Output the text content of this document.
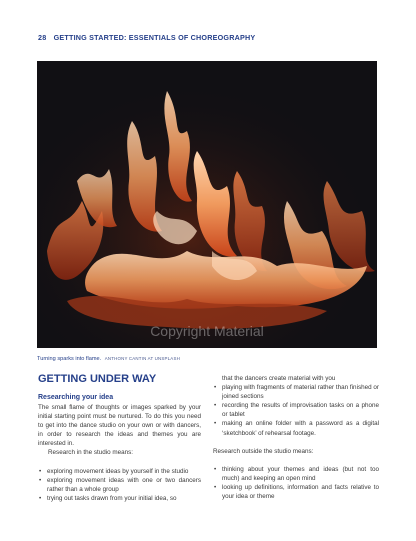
28 GETTING STARTED: ESSENTIALS OF CHOREOGRAPHY
Copyright Material
Turning sparks into flame. ANTHONY CANTIN AT UNSPLASH
GETTING UNDER WAY
Researching your idea

The small flame of thoughts or images sparked by your initial starting point must be nurtured. To do this you need to get into the dance studio on your own or with dancers, in order to research the ideas and themes you are interested in.

Research in the studio means:

• exploring movement ideas by yourself in the studio
• exploring movement ideas with one or two dancers rather than a whole group
• trying out tasks drawn from your initial idea, so

that the dancers create material with you

• playing with fragments of material rather than finished or joined sections
• recording the results of improvisation tasks on a phone or tablet
• making an online folder with a password as a digital ‘sketchbook’ of rehearsal footage.

Research outside the studio means:

• thinking about your themes and ideas (but not too much) and keeping an open mind
• looking up definitions, information and facts relative to your idea or theme
